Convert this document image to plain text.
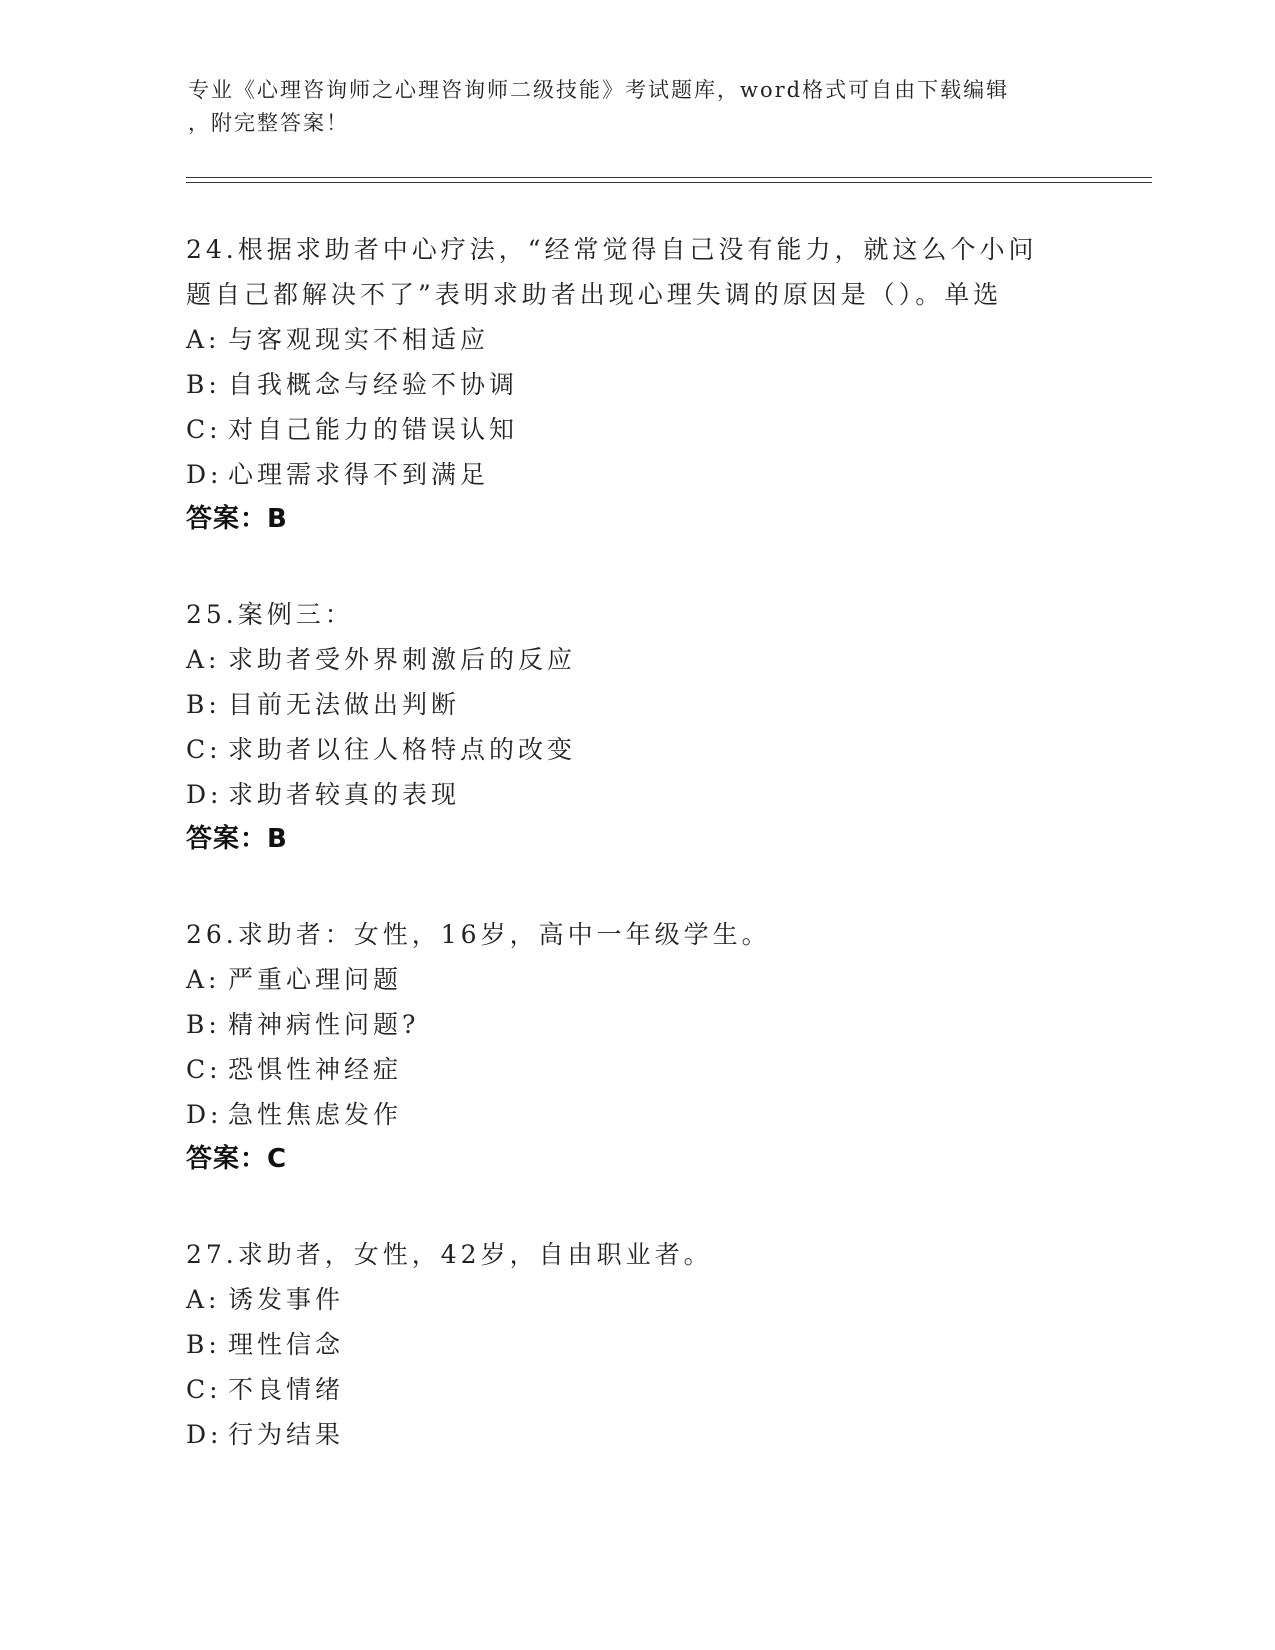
专业《心理咨询师之心理咨询师二级技能》考试题库，word格式可自由下载编辑
，附完整答案！
24.根据求助者中心疗法，“经常觉得自己没有能力，就这么个小问题自己都解决不了”表明求助者出现心理失调的原因是（）。单选
A: 与客观现实不相适应
B: 自我概念与经验不协调
C: 对自己能力的错误认知
D: 心理需求得不到满足
答案：B
25.案例三：
A: 求助者受外界刺激后的反应
B: 目前无法做出判断
C: 求助者以往人格特点的改变
D: 求助者较真的表现
答案：B
26.求助者：女性，16岁，高中一年级学生。
A: 严重心理问题
B: 精神病性问题?
C: 恐惧性神经症
D: 急性焦虑发作
答案：C
27.求助者，女性，42岁，自由职业者。
A: 诱发事件
B: 理性信念
C: 不良情绪
D: 行为结果
